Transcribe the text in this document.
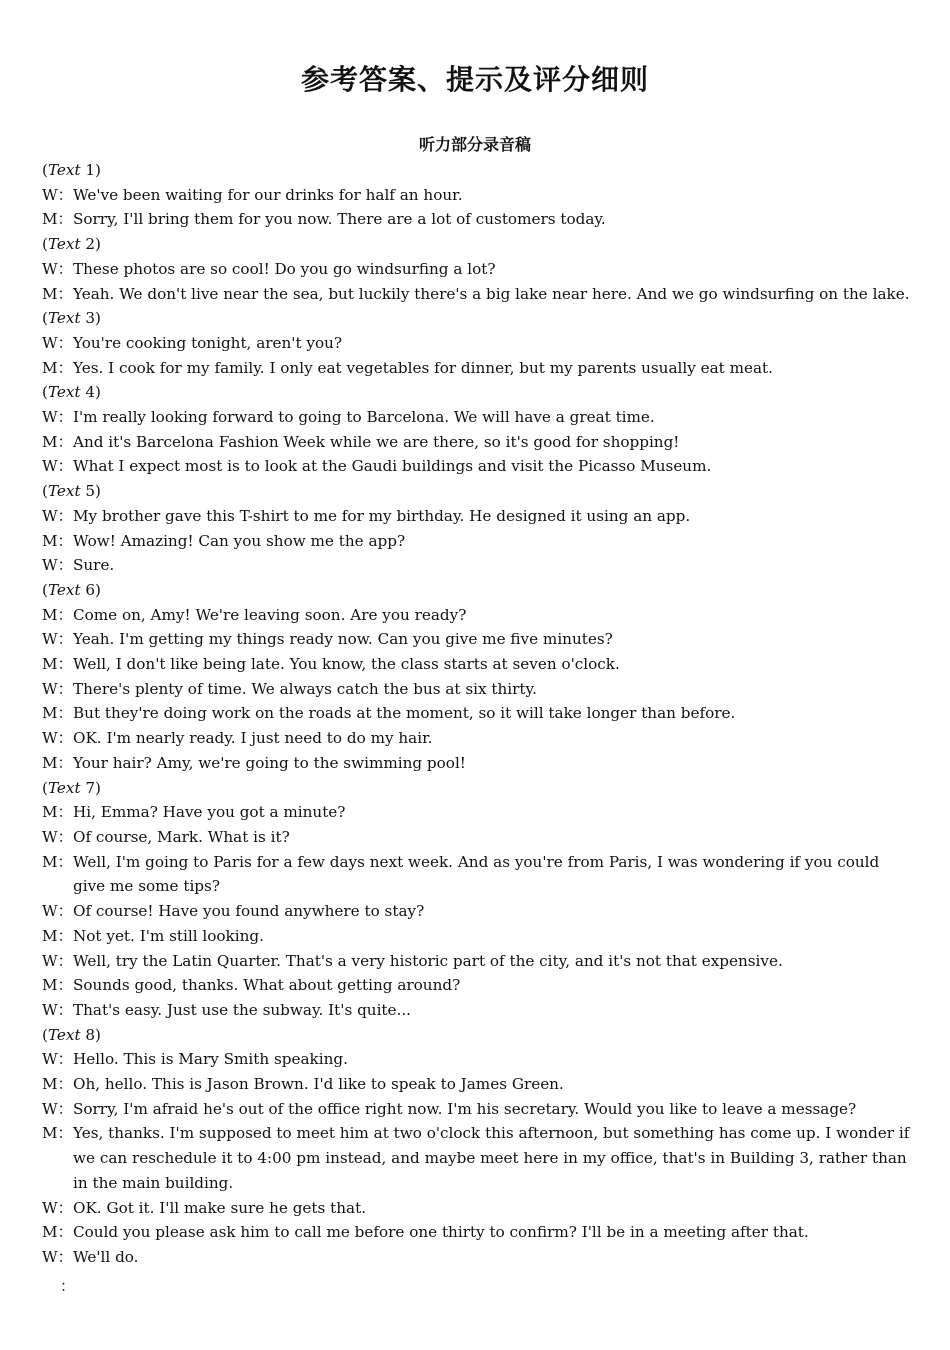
参考答案、提示及评分细则
听力部分录音稿
(Text 1)
W：We've been waiting for our drinks for half an hour.
M：Sorry, I'll bring them for you now. There are a lot of customers today.
(Text 2)
W：These photos are so cool! Do you go windsurfing a lot?
M：Yeah. We don't live near the sea, but luckily there's a big lake near here. And we go windsurfing on the lake.
(Text 3)
W：You're cooking tonight, aren't you?
M：Yes. I cook for my family. I only eat vegetables for dinner, but my parents usually eat meat.
(Text 4)
W：I'm really looking forward to going to Barcelona. We will have a great time.
M：And it's Barcelona Fashion Week while we are there, so it's good for shopping!
W：What I expect most is to look at the Gaudi buildings and visit the Picasso Museum.
(Text 5)
W：My brother gave this T-shirt to me for my birthday. He designed it using an app.
M：Wow! Amazing! Can you show me the app?
W：Sure.
(Text 6)
M：Come on, Amy! We're leaving soon. Are you ready?
W：Yeah. I'm getting my things ready now. Can you give me five minutes?
M：Well, I don't like being late. You know, the class starts at seven o'clock.
W：There's plenty of time. We always catch the bus at six thirty.
M：But they're doing work on the roads at the moment, so it will take longer than before.
W：OK. I'm nearly ready. I just need to do my hair.
M：Your hair? Amy, we're going to the swimming pool!
(Text 7)
M：Hi, Emma? Have you got a minute?
W：Of course, Mark. What is it?
M：Well, I'm going to Paris for a few days next week. And as you're from Paris, I was wondering if you could give me some tips?
W：Of course! Have you found anywhere to stay?
M：Not yet. I'm still looking.
W：Well, try the Latin Quarter. That's a very historic part of the city, and it's not that expensive.
M：Sounds good, thanks. What about getting around?
W：That's easy. Just use the subway. It's quite...
(Text 8)
W：Hello. This is Mary Smith speaking.
M：Oh, hello. This is Jason Brown. I'd like to speak to James Green.
W：Sorry, I'm afraid he's out of the office right now. I'm his secretary. Would you like to leave a message?
M：Yes, thanks. I'm supposed to meet him at two o'clock this afternoon, but something has come up. I wonder if we can reschedule it to 4:00 pm instead, and maybe meet here in my office, that's in Building 3, rather than in the main building.
W：OK. Got it. I'll make sure he gets that.
M：Could you please ask him to call me before one thirty to confirm? I'll be in a meeting after that.
W：We'll do.
：
